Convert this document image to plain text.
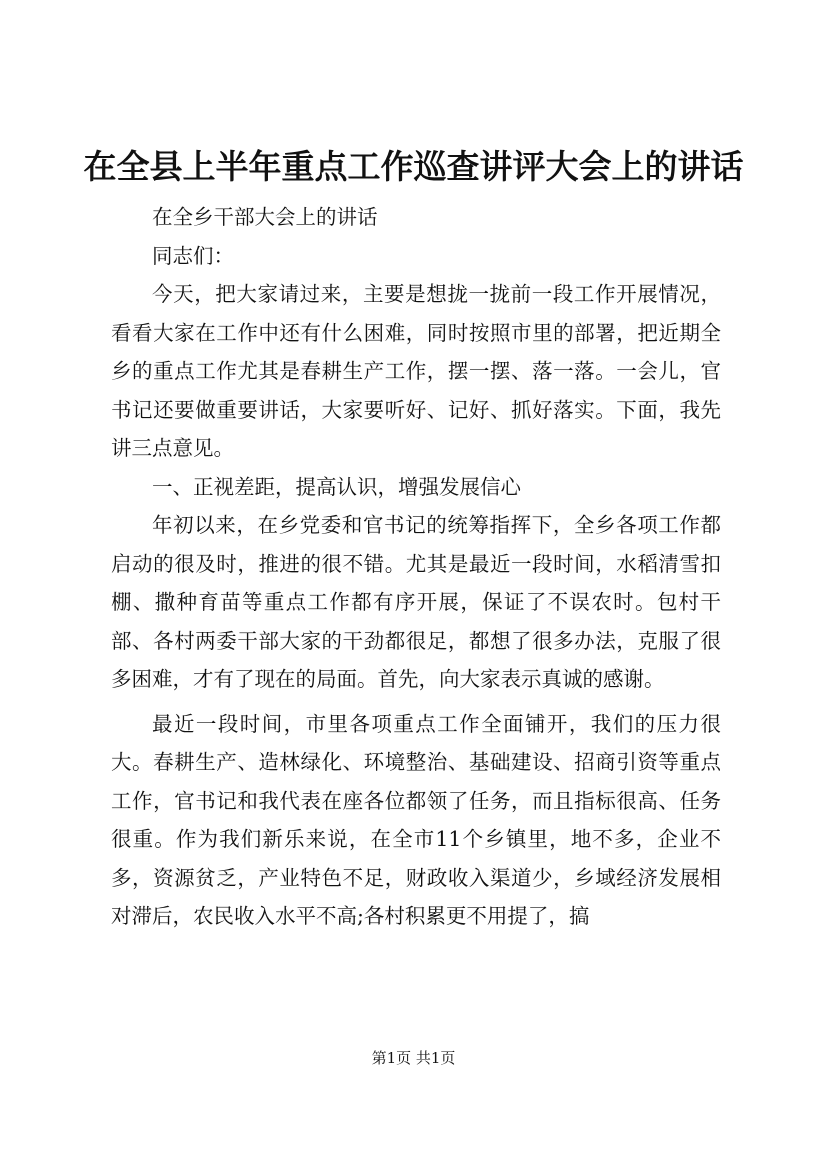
在全县上半年重点工作巡查讲评大会上的讲话

在全乡干部大会上的讲话

同志们：

今天，把大家请过来，主要是想拢一拢前一段工作开展情况，看看大家在工作中还有什么困难，同时按照市里的部署，把近期全乡的重点工作尤其是春耕生产工作，摆一摆、落一落。一会儿，官书记还要做重要讲话，大家要听好、记好、抓好落实。下面，我先讲三点意见。

一、正视差距，提高认识，增强发展信心

年初以来，在乡党委和官书记的统筹指挥下，全乡各项工作都启动的很及时，推进的很不错。尤其是最近一段时间，水稻清雪扣棚、撒种育苗等重点工作都有序开展，保证了不误农时。包村干部、各村两委干部大家的干劲都很足，都想了很多办法，克服了很多困难，才有了现在的局面。首先，向大家表示真诚的感谢。

最近一段时间，市里各项重点工作全面铺开，我们的压力很大。春耕生产、造林绿化、环境整治、基础建设、招商引资等重点工作，官书记和我代表在座各位都领了任务，而且指标很高、任务很重。作为我们新乐来说，在全市11个乡镇里，地不多，企业不多，资源贫乏，产业特色不足，财政收入渠道少，乡域经济发展相对滞后，农民收入水平不高;各村积累更不用提了，搞

第1页 共1页
